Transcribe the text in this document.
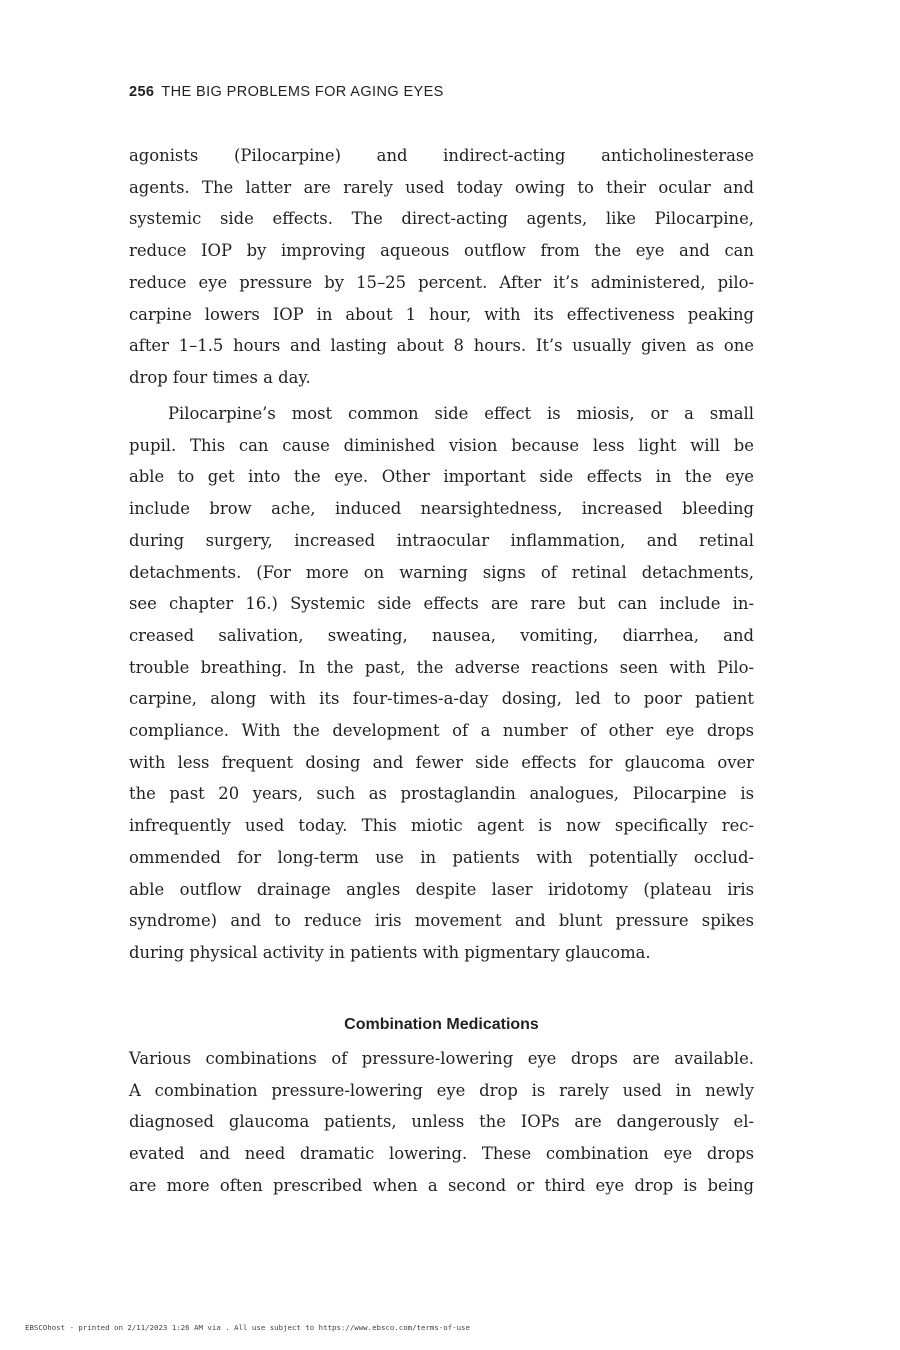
256 THE BIG PROBLEMS FOR AGING EYES
agonists (Pilocarpine) and indirect-acting anticholinesterase
agents. The latter are rarely used today owing to their ocular and
systemic side effects. The direct-acting agents, like Pilocarpine,
reduce IOP by improving aqueous outflow from the eye and can
reduce eye pressure by 15–25 percent. After it’s administered, pilo-
carpine lowers IOP in about 1 hour, with its effectiveness peaking
after 1–1.5 hours and lasting about 8 hours. It’s usually given as one
drop four times a day.
Pilocarpine’s most common side effect is miosis, or a small
pupil. This can cause diminished vision because less light will be
able to get into the eye. Other important side effects in the eye
include brow ache, induced nearsightedness, increased bleeding
during surgery, increased intraocular inflammation, and retinal
detachments. (For more on warning signs of retinal detachments,
see chapter 16.) Systemic side effects are rare but can include in-
creased salivation, sweating, nausea, vomiting, diarrhea, and
trouble breathing. In the past, the adverse reactions seen with Pilo-
carpine, along with its four-times-a-day dosing, led to poor patient
compliance. With the development of a number of other eye drops
with less frequent dosing and fewer side effects for glaucoma over
the past 20 years, such as prostaglandin analogues, Pilocarpine is
infrequently used today. This miotic agent is now specifically rec-
ommended for long-term use in patients with potentially occlud-
able outflow drainage angles despite laser iridotomy (plateau iris
syndrome) and to reduce iris movement and blunt pressure spikes
during physical activity in patients with pigmentary glaucoma.
Combination Medications
Various combinations of pressure-lowering eye drops are available.
A combination pressure-lowering eye drop is rarely used in newly
diagnosed glaucoma patients, unless the IOPs are dangerously el-
evated and need dramatic lowering. These combination eye drops
are more often prescribed when a second or third eye drop is being
EBSCOhost - printed on 2/11/2023 1:26 AM via . All use subject to https://www.ebsco.com/terms-of-use
